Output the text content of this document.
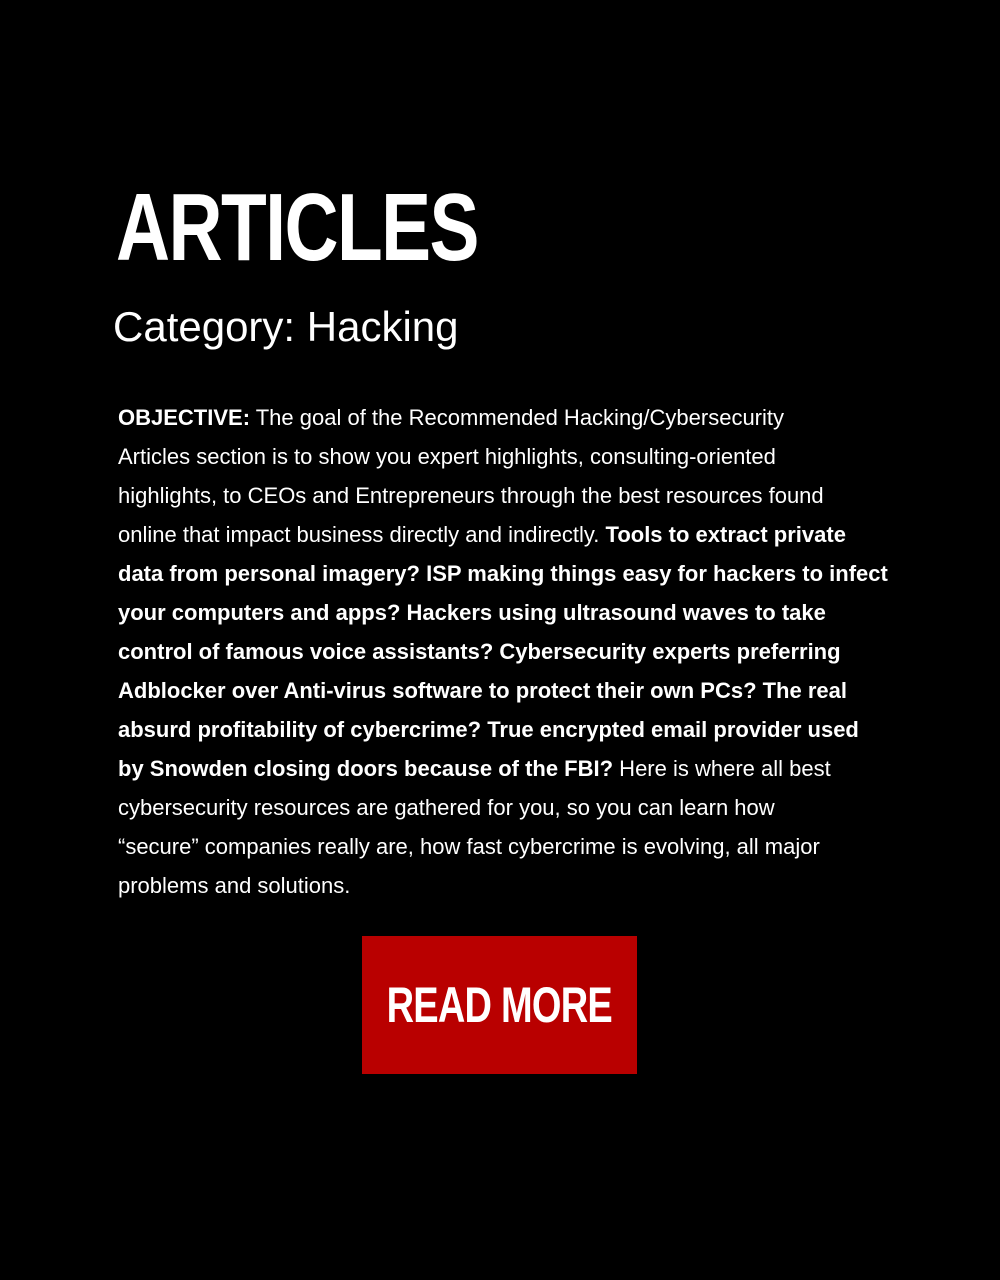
ARTICLES
Category: Hacking
OBJECTIVE: The goal of the Recommended Hacking/Cybersecurity
Articles section is to show you expert highlights, consulting-oriented
highlights, to CEOs and Entrepreneurs through the best resources found
online that impact business directly and indirectly. Tools to extract private
data from personal imagery? ISP making things easy for hackers to infect
your computers and apps? Hackers using ultrasound waves to take
control of famous voice assistants? Cybersecurity experts preferring
Adblocker over Anti-virus software to protect their own PCs? The real
absurd profitability of cybercrime? True encrypted email provider used
by Snowden closing doors because of the FBI? Here is where all best
cybersecurity resources are gathered for you, so you can learn how
“secure” companies really are, how fast cybercrime is evolving, all major
problems and solutions.
READ MORE
